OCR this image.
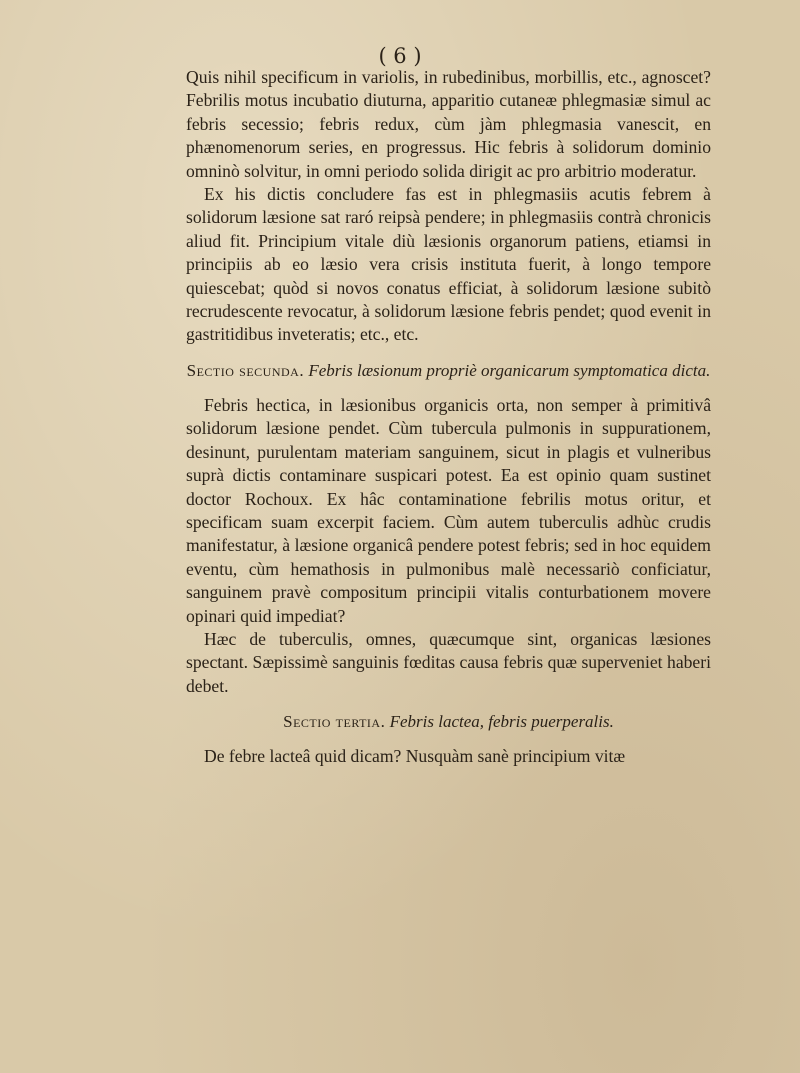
( 6 )

Quis nihil specificum in variolis, in rubedinibus, morbillis, etc., agnoscet? Febrilis motus incubatio diuturna, apparitio cutaneæ phlegmasiæ simul ac febris secessio; febris redux, cùm jàm phlegmasia vanescit, en phænomenorum series, en progressus. Hic febris à solidorum dominio omninò solvitur, in omni periodo solida dirigit ac pro arbitrio moderatur.

Ex his dictis concludere fas est in phlegmasiis acutis febrem à solidorum læsione sat raró reipsà pendere; in phlegmasiis contrà chronicis aliud fit. Principium vitale diù læsionis organorum patiens, etiamsi in principiis ab eo læsio vera crisis instituta fuerit, à longo tempore quiescebat; quòd si novos conatus efficiat, à solidorum læsione subitò recrudescente revocatur, à solidorum læsione febris pendet; quod evenit in gastritidibus inveteratis; etc., etc.

Sectio secunda. Febris læsionum propriè organicarum symptomatica dicta.

Febris hectica, in læsionibus organicis orta, non semper à primitivâ solidorum læsione pendet. Cùm tubercula pulmonis in suppurationem, desinunt, purulentam materiam sanguinem, sicut in plagis et vulneribus suprà dictis contaminare suspicari potest. Ea est opinio quam sustinet doctor Rochoux. Ex hâc contaminatione febrilis motus oritur, et specificam suam excerpit faciem. Cùm autem tuberculis adhùc crudis manifestatur, à læsione organicâ pendere potest febris; sed in hoc equidem eventu, cùm hemathosis in pulmonibus malè necessariò conficiatur, sanguinem pravè compositum principii vitalis conturbationem movere opinari quid impediat?

Hæc de tuberculis, omnes, quæcumque sint, organicas læsiones spectant. Sæpissimè sanguinis fœditas causa febris quæ superveniet haberi debet.

Sectio tertia. Febris lactea, febris puerperalis.

De febre lacteâ quid dicam? Nusquàm sanè principium vitæ
